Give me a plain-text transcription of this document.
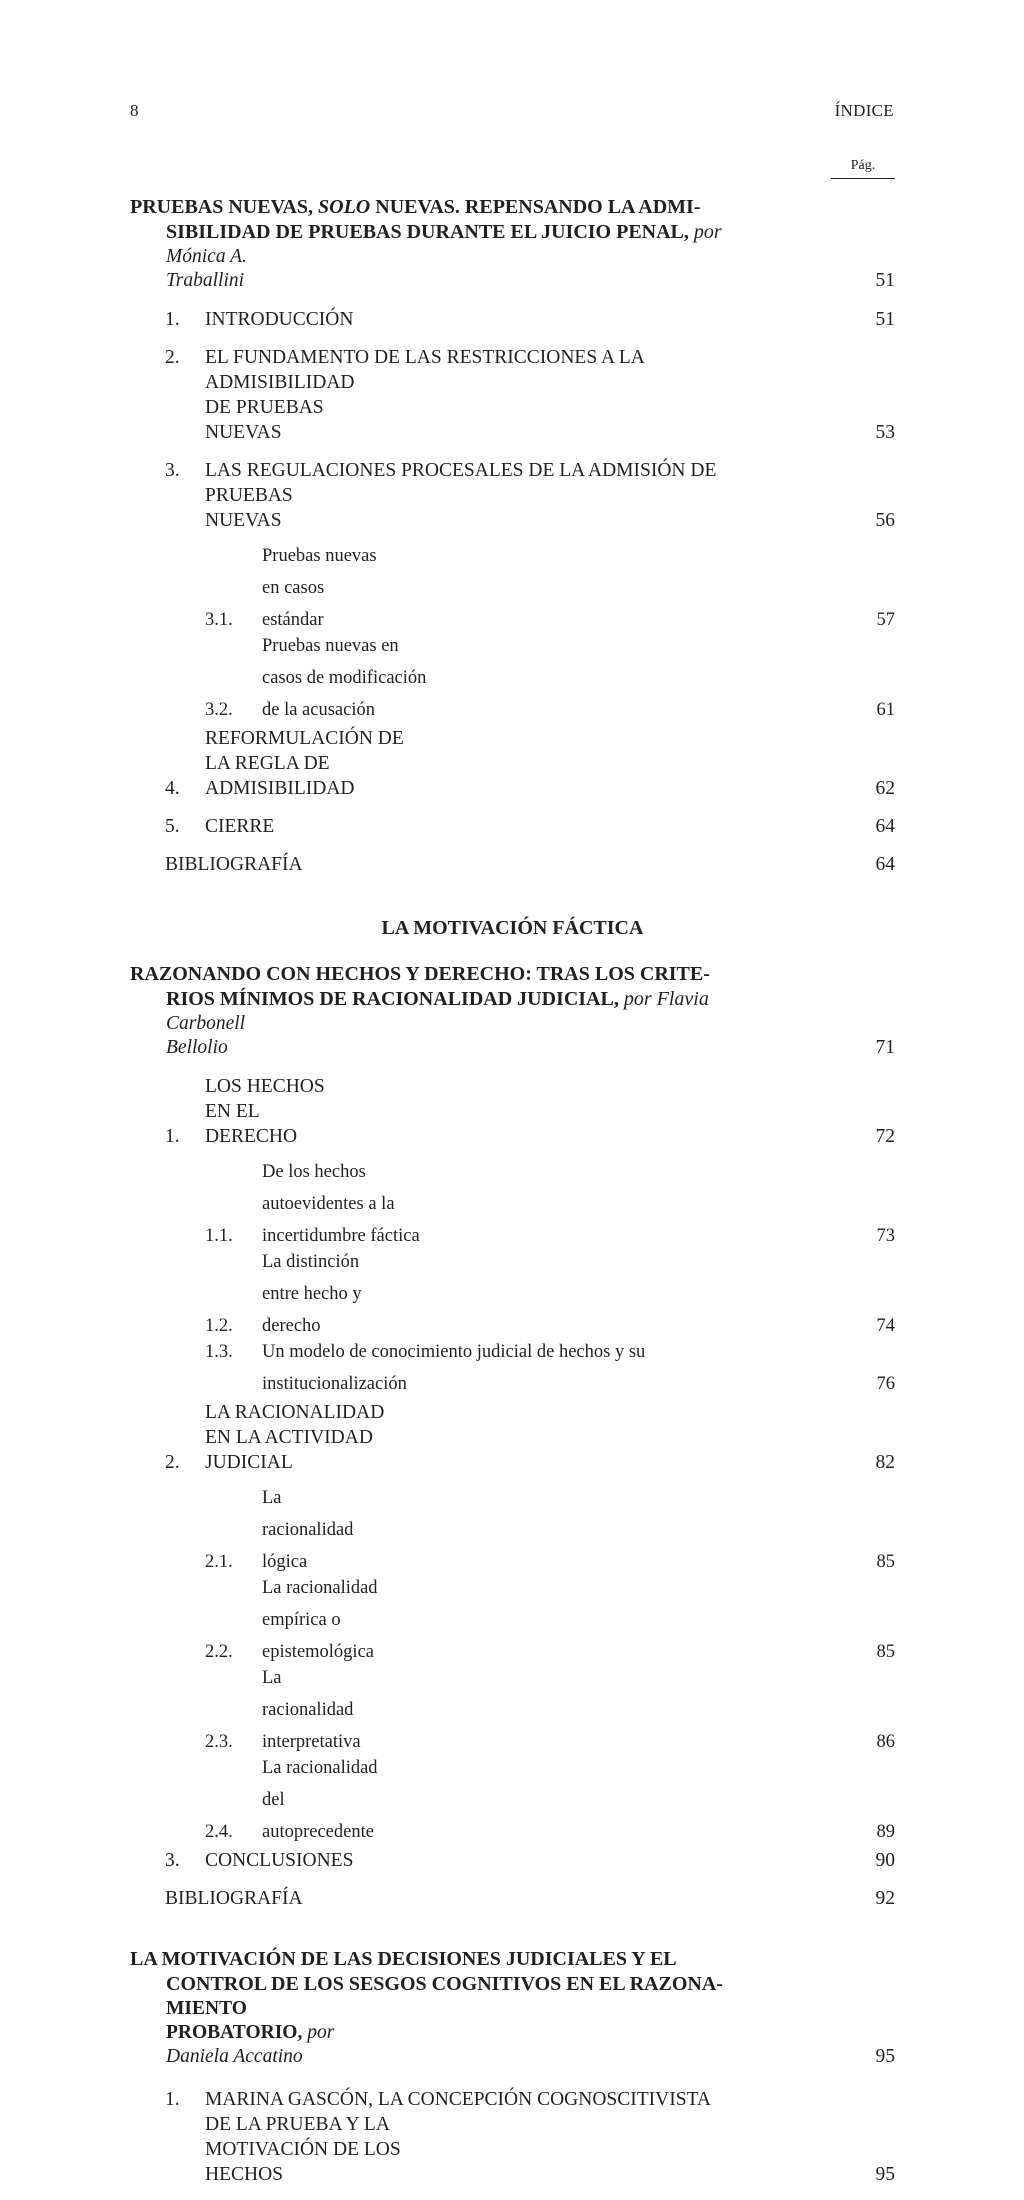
8	ÍNDICE
Pág.
PRUEBAS NUEVAS, SOLO NUEVAS. REPENSANDO LA ADMI-
SIBILIDAD DE PRUEBAS DURANTE EL JUICIO PENAL, por
Mónica A. Traballini .....	51
1.	INTRODUCCIÓN .....	51
2.	EL FUNDAMENTO DE LAS RESTRICCIONES A LA
ADMISIBILIDAD DE PRUEBAS NUEVAS .....	53
3.	LAS REGULACIONES PROCESALES DE LA ADMISIÓN DE
PRUEBAS NUEVAS .....	56
3.1.
Pruebas nuevas en casos estándar .....	57
3.2.
Pruebas nuevas en casos de modificación de la acusación .....	61
4.
REFORMULACIÓN DE LA REGLA DE ADMISIBILIDAD .....	62
5.	CIERRE .....	64
BIBLIOGRAFÍA .....	64
LA MOTIVACIÓN FÁCTICA
RAZONANDO CON HECHOS Y DERECHO: TRAS LOS CRITE-
RIOS MÍNIMOS DE RACIONALIDAD JUDICIAL, por Flavia
Carbonell Bellolio .....	71
1.
LOS HECHOS EN EL DERECHO .....	72
1.1.
De los hechos autoevidentes a la incertidumbre fáctica .....	73
1.2.
La distinción entre hecho y derecho .....	74
1.3.	Un modelo de conocimiento judicial de hechos y su
institucionalización .....	76
2.
LA RACIONALIDAD EN LA ACTIVIDAD JUDICIAL .....	82
2.1.
La racionalidad lógica .....	85
2.2.
La racionalidad empírica o epistemológica .....	85
2.3.
La racionalidad interpretativa .....	86
2.4.
La racionalidad del autoprecedente .....	89
3.	CONCLUSIONES .....	90
BIBLIOGRAFÍA .....	92
LA MOTIVACIÓN DE LAS DECISIONES JUDICIALES Y EL
CONTROL DE LOS SESGOS COGNITIVOS EN EL RAZONA-
MIENTO PROBATORIO, por Daniela Accatino .....	95
1.	MARINA GASCÓN, LA CONCEPCIÓN COGNOSCITIVISTA
DE LA PRUEBA Y LA MOTIVACIÓN DE LOS HECHOS .....	95
